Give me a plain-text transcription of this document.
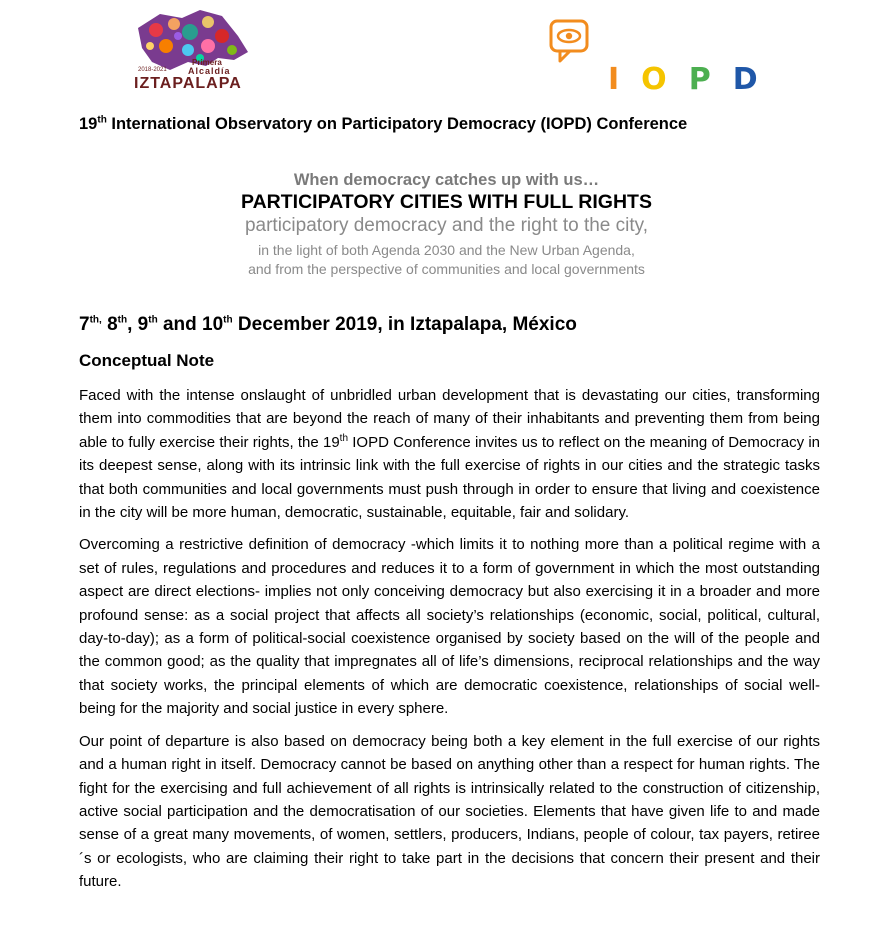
Primera
2018-2021 Alcaldía
IZTAPALAPA	IOPD
19th International Observatory on Participatory Democracy (IOPD) Conference
When democracy catches up with us…
PARTICIPATORY CITIES WITH FULL RIGHTS
participatory democracy and the right to the city,
in the light of both Agenda 2030 and the New Urban Agenda,
and from the perspective of communities and local governments
$7^{th,}$ 8th, 9th and 10th December 2019, in Iztapalapa, México
Conceptual Note

Faced with the intense onslaught of unbridled urban development that is devastating our cities, transforming them into commodities that are beyond the reach of many of their inhabitants and preventing them from being able to fully exercise their rights, the 19th IOPD Conference invites us to reflect on the meaning of Democracy in its deepest sense, along with its intrinsic link with the full exercise of rights in our cities and the strategic tasks that both communities and local governments must push through in order to ensure that living and coexistence in the city will be more human, democratic, sustainable, equitable, fair and solidary.

Overcoming a restrictive definition of democracy -which limits it to nothing more than a political regime with a set of rules, regulations and procedures and reduces it to a form of government in which the most outstanding aspect are direct elections- implies not only conceiving democracy but also exercising it in a broader and more profound sense: as a social project that affects all society’s relationships (economic, social, political, cultural, day-to-day); as a form of political-social coexistence organised by society based on the will of the people and the common good; as the quality that impregnates all of life’s dimensions, reciprocal relationships and the way that society works, the principal elements of which are democratic coexistence, relationships of social well-being for the majority and social justice in every sphere.

Our point of departure is also based on democracy being both a key element in the full exercise of our rights and a human right in itself. Democracy cannot be based on anything other than a respect for human rights. The fight for the exercising and full achievement of all rights is intrinsically related to the construction of citizenship, active social participation and the democratisation of our societies. Elements that have given life to and made sense of a great many movements, of women, settlers, producers, Indians, people of colour, tax payers, retiree´s or ecologists, who are claiming their right to take part in the decisions that concern their present and their future.
